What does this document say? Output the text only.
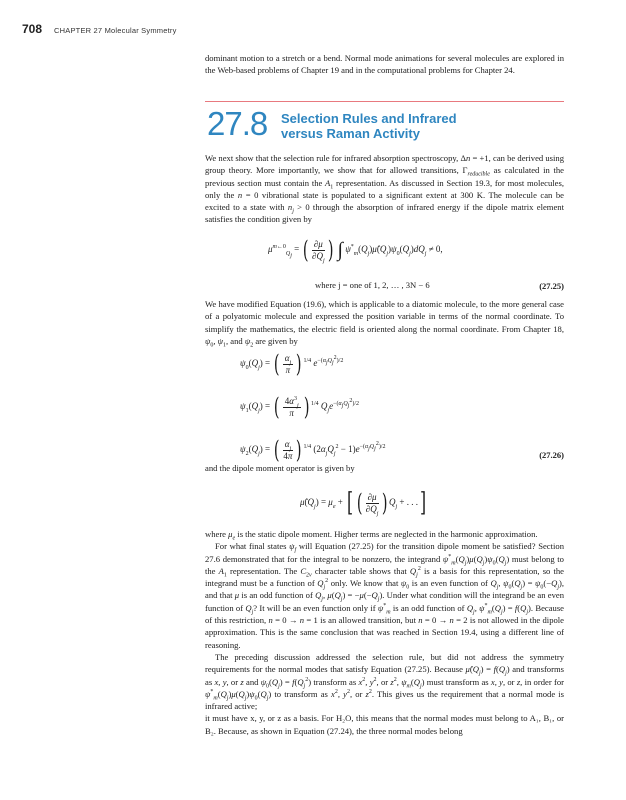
708 CHAPTER 27 Molecular Symmetry

dominant motion to a stretch or a bend. Normal mode animations for several molecules are explored in the Web-based problems of Chapter 19 and in the computational problems for Chapter 24.

27.8 Selection Rules and Infrared
versus Raman Activity

We next show that the selection rule for infrared absorption spectroscopy, Δn = +1, can be derived using group theory. More importantly, we show that for allowed transitions, $\Gamma_{reducible}$ as calculated in the previous section must contain the $A_1$ representation. As discussed in Section 19.3, for most molecules, only the n = 0 vibrational state is populated to a significant extent at 300 K. The molecule can be excited to a state with $n_j > 0$ through the absorption of infrared energy if the dipole matrix element satisfies the condition given by

$\mu^{m\leftarrow 0}_{Q_j}$ = ( $\frac{\partial\mu}{\partial Q_j}$ ) ∫ $\psi^*_m(Q_j)\mû(Q_j)\psi_0(Q_j)dQ_j \ne 0$,
where j = one of 1, 2, … , 3N − 6	(27.25)

We have modified Equation (19.6), which is applicable to a diatomic molecule, to the more general case of a polyatomic molecule and expressed the position variable in terms of the normal coordinate. To simplify the mathematics, the electric field is oriented along the normal coordinate. From Chapter 18, $\psi_0$, $\psi_1$, and $\psi_2$ are given by

$\psi_0(Q_j)$ = ( $\frac{\alpha_j}{\pi}$ ) $^{1/4}$ $e^{-(\alpha_jQ_j^2)/2}$
$\psi_1(Q_j)$ = ( $\frac{4\alpha^3_j}{\pi}$ ) $^{1/4}$ $Q_je^{-(\alpha_jQ_j^2)/2}$
$\psi_2(Q_j)$ = ( $\frac{\alpha_j}{4\pi}$ ) $^{1/4}$ $(2\alpha_jQ_j^2 - 1)e^{-(\alpha_jQ_j^2)/2}$
(27.26)

and the dipole moment operator is given by

$\mû(Q_j) = \mu_e$ + [ ( $\frac{\partial\mu}{\partial Q_j}$ ) $Q_j$ + . . .]

where $\mu_e$ is the static dipole moment. Higher terms are neglected in the harmonic approximation.

For what final states $\psi_f$ will Equation (27.25) for the transition dipole moment be satisfied? Section 27.6 demonstrated that for the integral to be nonzero, the integrand $\psi^*_m(Q_j)\mu(Q_j)\psi_0(Q_j)$ must belong to the $A_1$ representation. The $C_{2v}$ character table shows that $Q_j^2$ is a basis for this representation, so the integrand must be a function of $Q_j^2$ only. We know that $\psi_0$ is an even function of $Q_j$, $\psi_0(Q_j) = \psi_0(-Q_j)$, and that μ is an odd function of $Q_j$, $\mu(Q_j) = -\mu(-Q_j)$. Under what condition will the integrand be an even function of $Q_j$? It will be an even function only if $\psi^*_m$ is an odd function of $Q_j$, $\psi^*_m(Q_j) = f(Q_j)$. Because of this restriction, n = 0 → n = 1 is an allowed transition, but n = 0 → n = 2 is not allowed in the dipole approximation. This is the same conclusion that was reached in Section 19.4, using a different line of reasoning.

The preceding discussion addressed the selection rule, but did not address the symmetry requirements for the normal modes that satisfy Equation (27.25). Because $\mû(Q_j) = f(Q_j)$ and transforms as x, y, or z and $\psi_0(Q_j) = f(Q_j^2)$ transform as $x^2$, $y^2$, or $z^2$, $\psi_m(Q_j)$ must transform as x, y, or z, in order for $\psi^*_m(Q_j)\mu(Q_j)\psi_0(Q_j)$ to transform as $x^2$, $y^2$, or $z^2$. This gives us the requirement that a normal mode is infrared active;

it must have x, y, or z as a basis. For H₂O, this means that the normal modes must belong to A₁, B₁, or B₂. Because, as shown in Equation (27.24), the three normal modes belong
